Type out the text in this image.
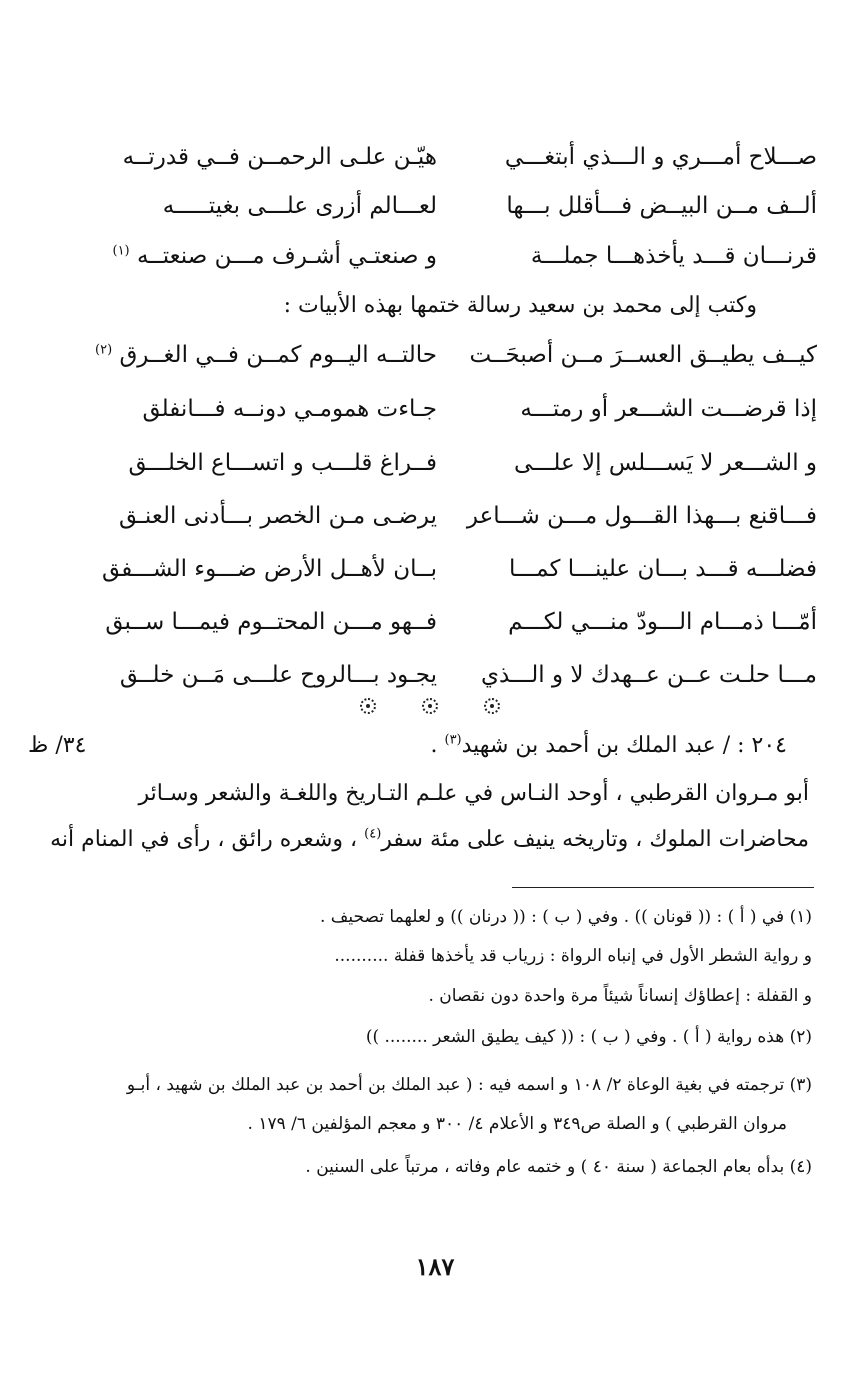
صـــلاح أمـــري و الـــذي أبتغـــي
هيّـن علـى الرحمــن فــي قدرتــه
ألــف مــن البيــض فـــأقلل بـــها
لعـــالم أزرى علـــى بغيتـــــه
قرنـــان قـــد يأخذهـــا جملـــة
و صنعتـي أشـرف مـــن صنعتــه $^{(١)}$
وكتب إلى محمد بن سعيد رسالة ختمها بهذه الأبيات :
كيــف يطيــق العســرَ مــن أصبحَــت
حالتــه اليــوم كمــن فــي الغــرق $^{(٢)}$
إذا قرضـــت الشـــعر أو رمتـــه
جـاءت همومـي دونــه فـــانفلق
و الشـــعر لا يَســـلس إلا علـــى
فــراغ قلـــب و اتســـاع الخلـــق
فـــاقنع بـــهذا القـــول مـــن شـــاعر
يرضـى مـن الخصر بـــأدنى العنـق
فضلـــه قـــد بـــان علينـــا كمـــا
بــان لأهــل الأرض ضـــوء الشـــفق
أمّـــا ذمـــام الـــودّ منـــي لكـــم
فــهو مـــن المحتــوم فيمـــا ســبق
مـــا حلـت عــن عــهدك لا و الـــذي
يجـود بـــالروح علـــى مَــن خلــق
٢٠٤ : / عبد الملك بن أحمد بن شهيد$^{(٣)}$ .
٣٤/ ظ
أبو مـروان القرطبي ، أوحد النـاس في علـم التـاريخ واللغـة والشعر وسـائر
محاضرات الملوك ، وتاريخه ينيف على مئة سفر$^{(٤)}$ ، وشعره رائق ، رأى في المنام أنه
(١) في ( أ ) : (( قونان )) . وفي ( ب ) : (( درنان )) و لعلهما تصحيف .
و رواية الشطر الأول في إنباه الرواة : زرياب قد يأخذها قفلة ..........
و القفلة : إعطاؤك إنساناً شيئاً مرة واحدة دون نقصان .
(٢) هذه رواية ( أ ) . وفي ( ب ) : (( كيف يطيق الشعر ........ ))
(٣) ترجمته في بغية الوعاة ٢/ ١٠٨ و اسمه فيه : ( عبد الملك بن أحمد بن عبد الملك بن شهيد ، أبـو
مروان القرطبي ) و الصلة ص٣٤٩ و الأعلام ٤/ ٣٠٠ و معجم المؤلفين ٦/ ١٧٩ .
(٤) بدأه بعام الجماعة ( سنة ٤٠ ) و ختمه عام وفاته ، مرتباً على السنين .
١٨٧
